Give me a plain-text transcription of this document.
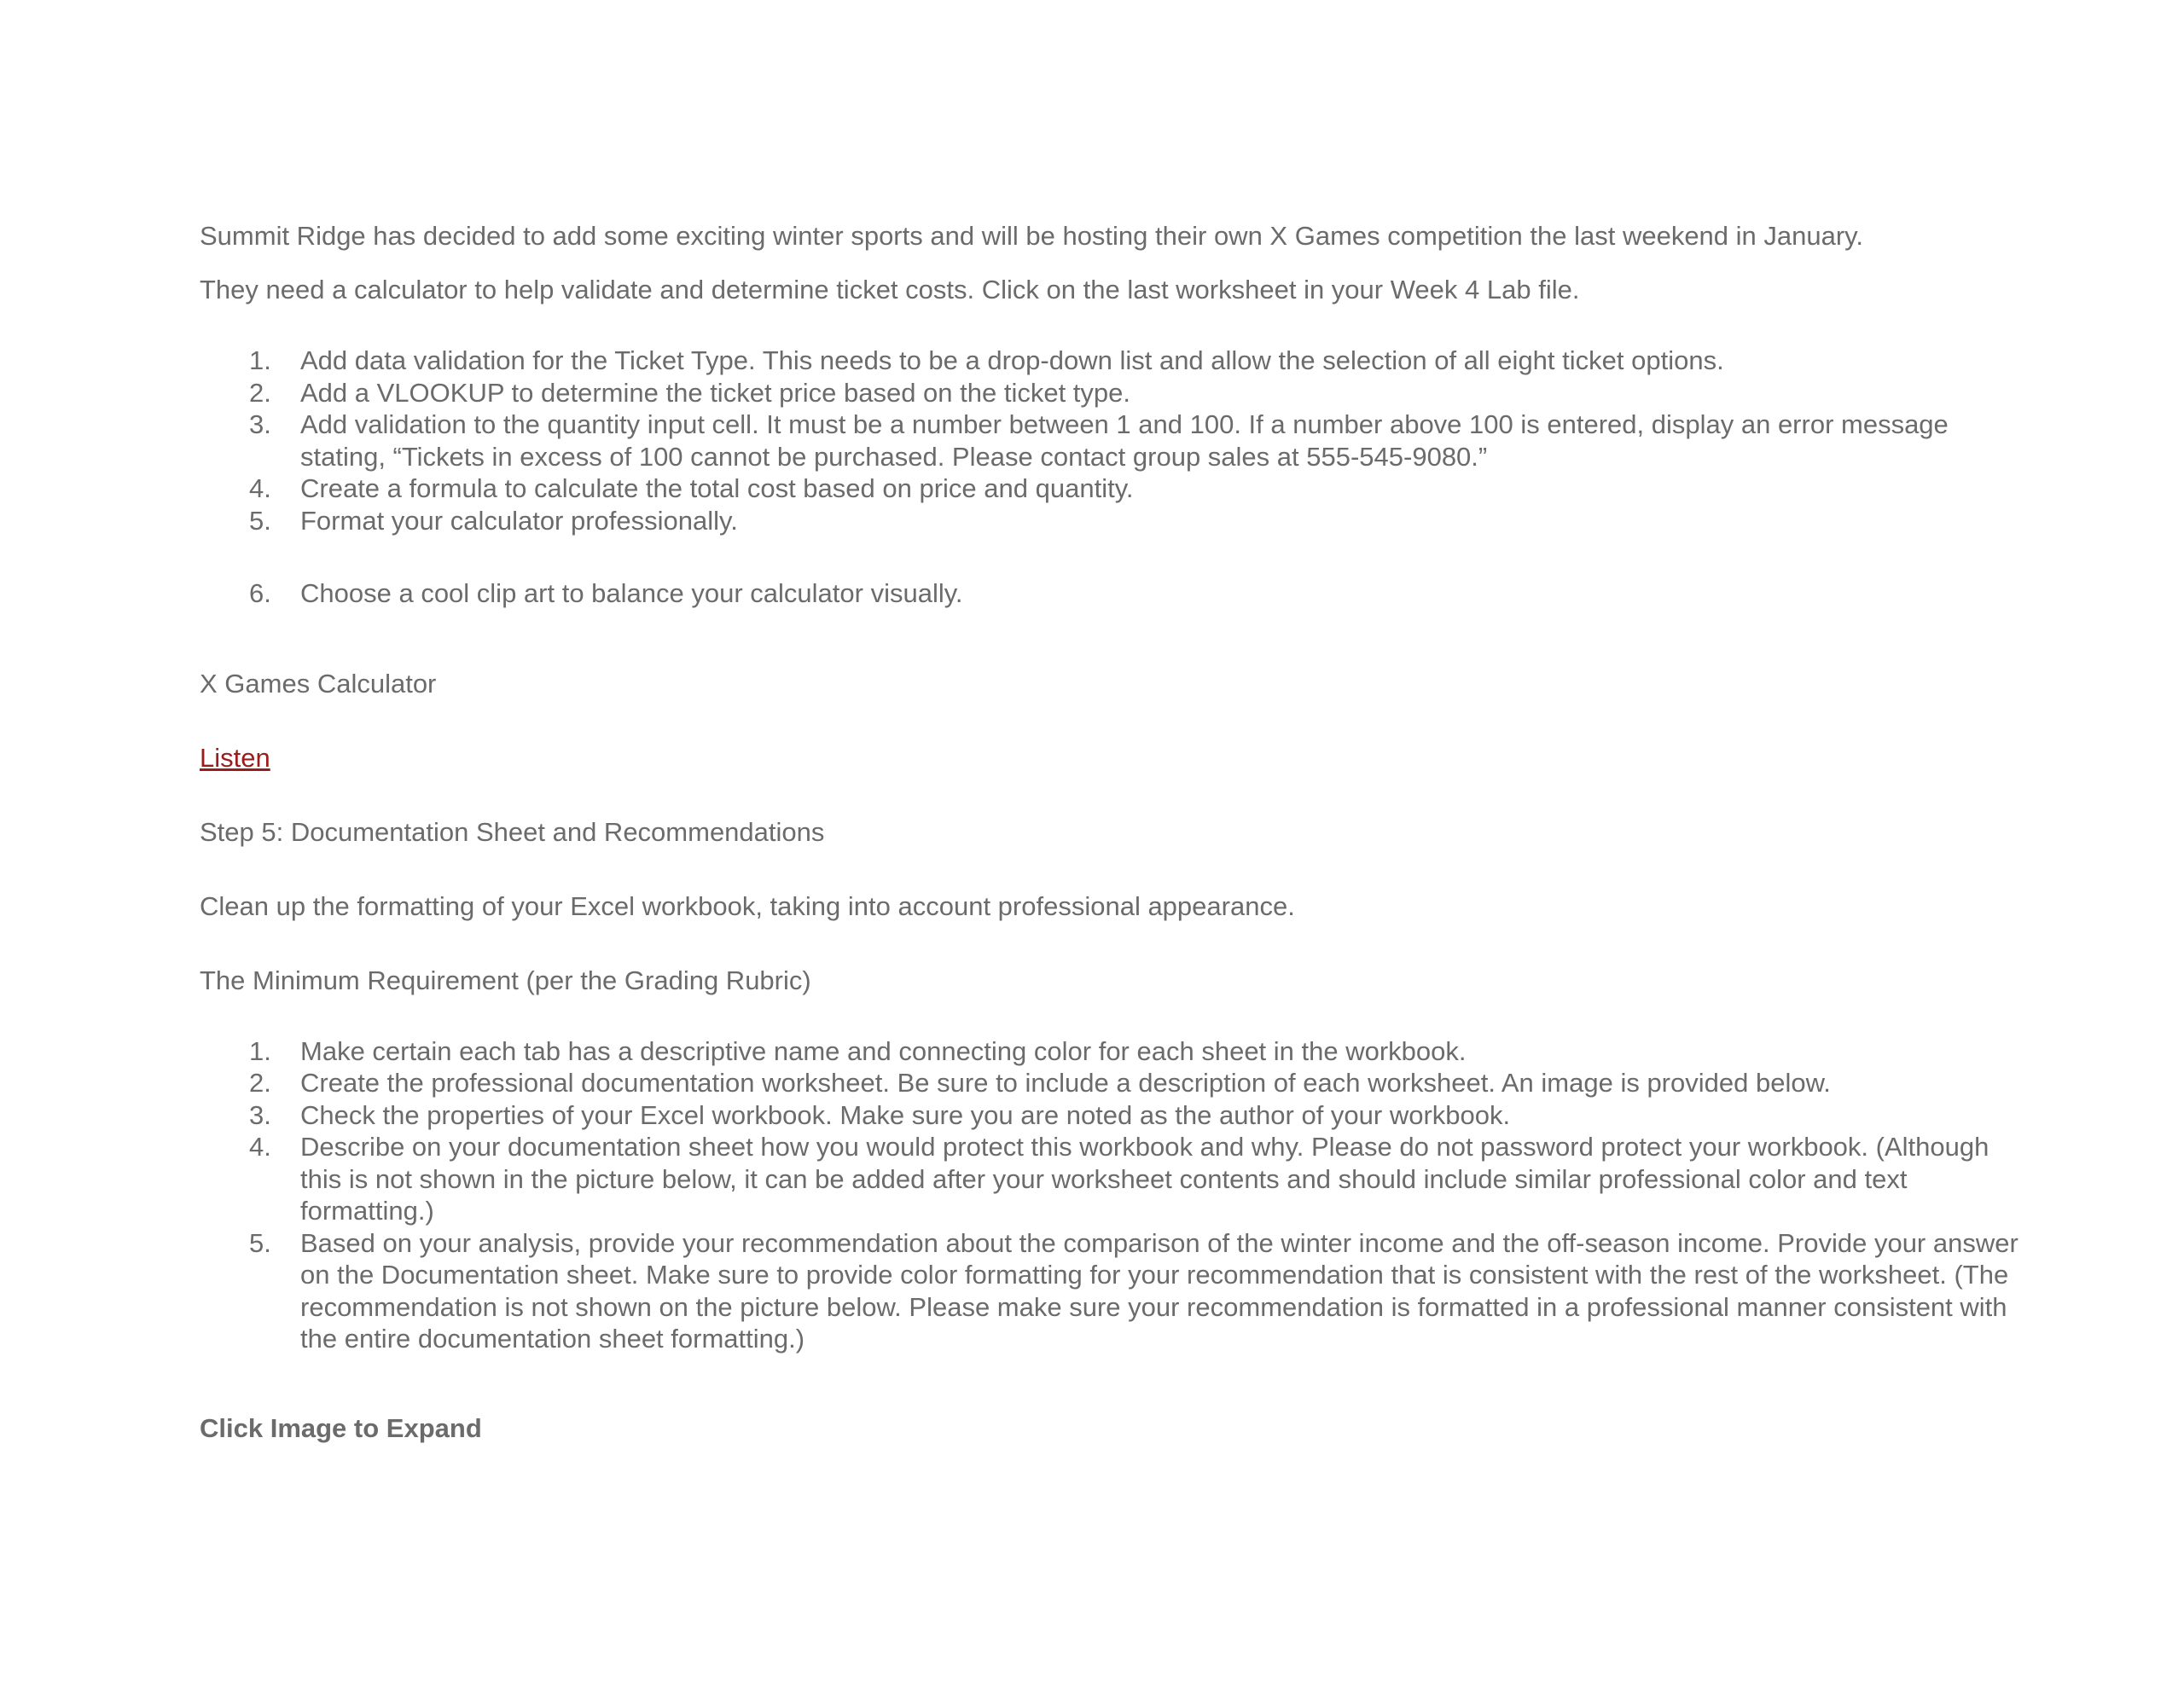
Summit Ridge has decided to add some exciting winter sports and will be hosting their own X Games competition the last weekend in January.

They need a calculator to help validate and determine ticket costs. Click on the last worksheet in your Week 4 Lab file.

1. Add data validation for the Ticket Type. This needs to be a drop-down list and allow the selection of all eight ticket options.
2. Add a VLOOKUP to determine the ticket price based on the ticket type.
3. Add validation to the quantity input cell. It must be a number between 1 and 100. If a number above 100 is entered, display an error message stating, “Tickets in excess of 100 cannot be purchased. Please contact group sales at 555-545-9080.”
4. Create a formula to calculate the total cost based on price and quantity.
5. Format your calculator professionally.
6. Choose a cool clip art to balance your calculator visually.

X Games Calculator

Listen

Step 5: Documentation Sheet and Recommendations

Clean up the formatting of your Excel workbook, taking into account professional appearance.

The Minimum Requirement (per the Grading Rubric)

1. Make certain each tab has a descriptive name and connecting color for each sheet in the workbook.
2. Create the professional documentation worksheet. Be sure to include a description of each worksheet. An image is provided below.
3. Check the properties of your Excel workbook. Make sure you are noted as the author of your workbook.
4. Describe on your documentation sheet how you would protect this workbook and why. Please do not password protect your workbook. (Although this is not shown in the picture below, it can be added after your worksheet contents and should include similar professional color and text formatting.)
5. Based on your analysis, provide your recommendation about the comparison of the winter income and the off-season income. Provide your answer on the Documentation sheet. Make sure to provide color formatting for your recommendation that is consistent with the rest of the worksheet. (The recommendation is not shown on the picture below. Please make sure your recommendation is formatted in a professional manner consistent with the entire documentation sheet formatting.)

Click Image to Expand
